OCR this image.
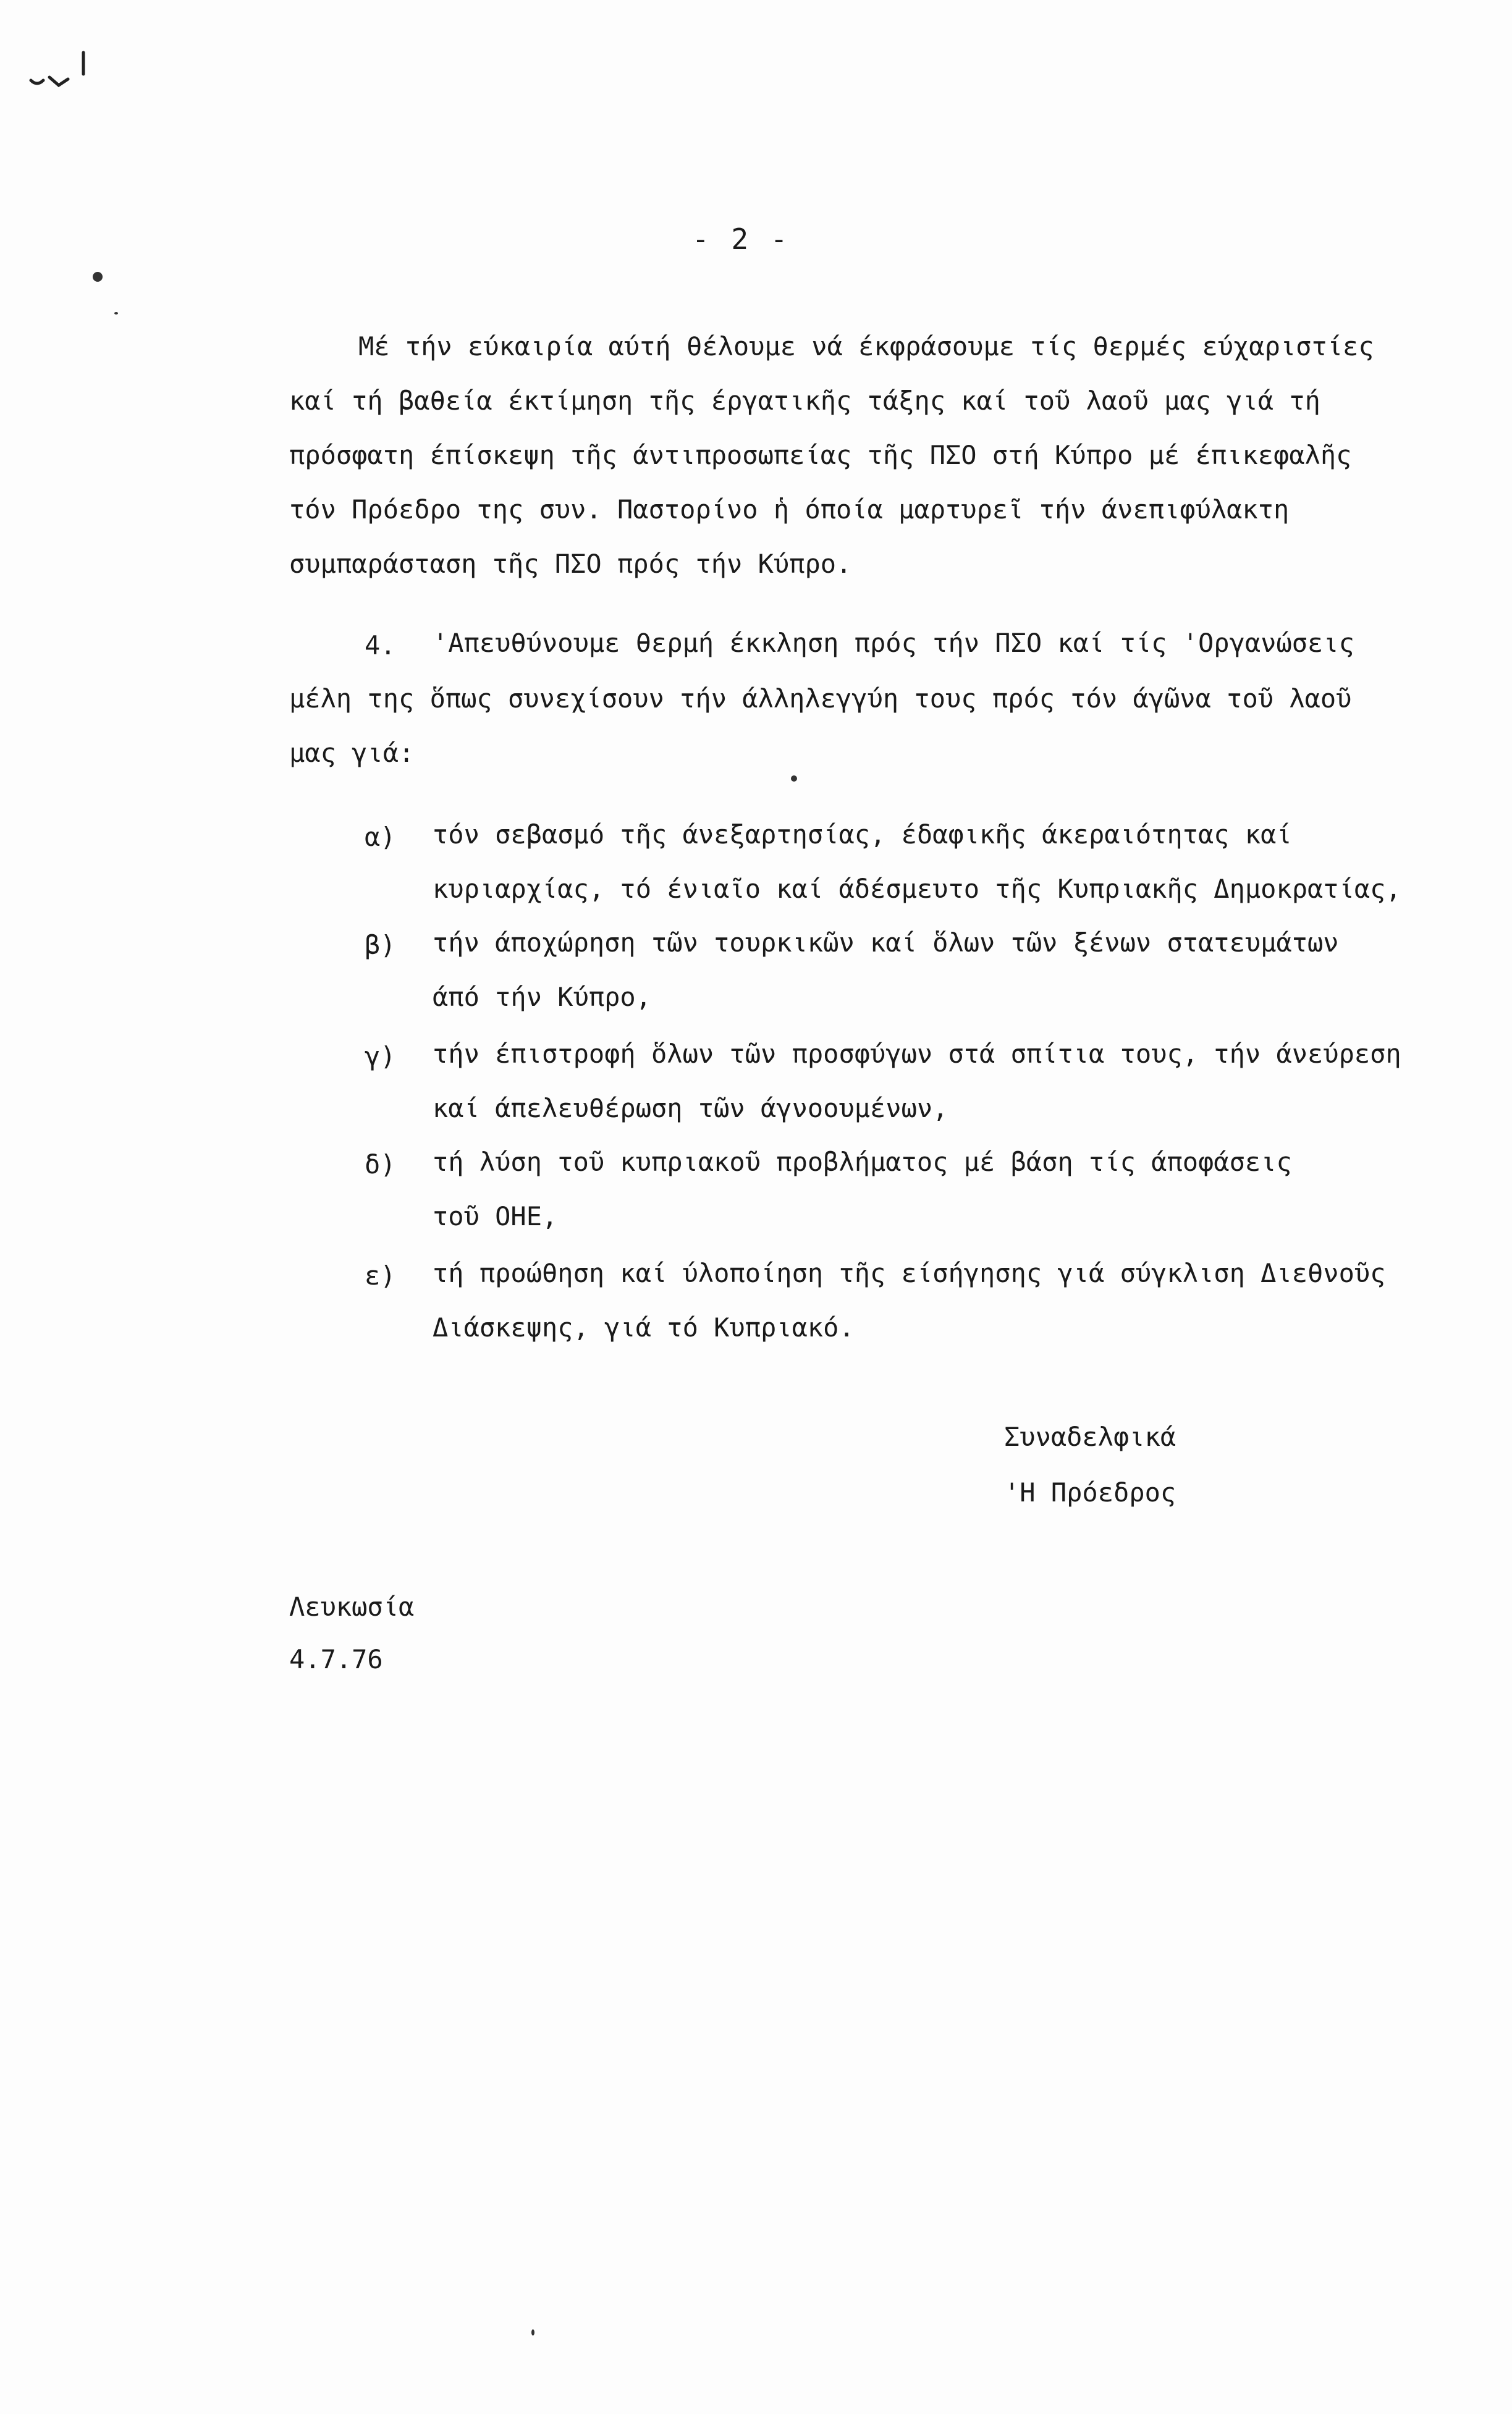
- 2 -
Μέ τήν εύκαιρία αύτή θέλουμε νά έκφράσουμε τίς θερμές εύχαριστίες
καί τή βαθεία έκτίμηση τῆς έργατικῆς τάξης καί τοῦ λαοῦ μας γιά τή
πρόσφατη έπίσκεψη τῆς άντιπροσωπείας τῆς ΠΣΟ στή Κύπρο μέ έπικεφαλῆς
τόν Πρόεδρο της συν. Παστορίνο ἡ όποία μαρτυρεῖ τήν άνεπιφύλακτη
συμπαράσταση τῆς ΠΣΟ πρός τήν Κύπρο.
4. 'Απευθύνουμε θερμή έκκληση πρός τήν ΠΣΟ καί τίς 'Οργανώσεις
μέλη της ὅπως συνεχίσουν τήν άλληλεγγύη τους πρός τόν άγῶνα τοῦ λαοῦ
μας γιά:
α) τόν σεβασμό τῆς άνεξαρτησίας, έδαφικῆς άκεραιότητας καί
κυριαρχίας, τό ένιαῖο καί άδέσμευτο τῆς Κυπριακῆς Δημοκρατίας,
β) τήν άποχώρηση τῶν τουρκικῶν καί ὅλων τῶν ξένων στατευμάτων
άπό τήν Κύπρο,
γ) τήν έπιστροφή ὅλων τῶν προσφύγων στά σπίτια τους, τήν άνεύρεση
καί άπελευθέρωση τῶν άγνοουμένων,
δ) τή λύση τοῦ κυπριακοῦ προβλήματος μέ βάση τίς άποφάσεις
τοῦ ΟΗΕ,
ε) τή προώθηση καί ύλοποίηση τῆς είσήγησης γιά σύγκλιση Διεθνοῦς
Διάσκεψης, γιά τό Κυπριακό.
Συναδελφικά
'Η Πρόεδρος
Λευκωσία
4.7.76
